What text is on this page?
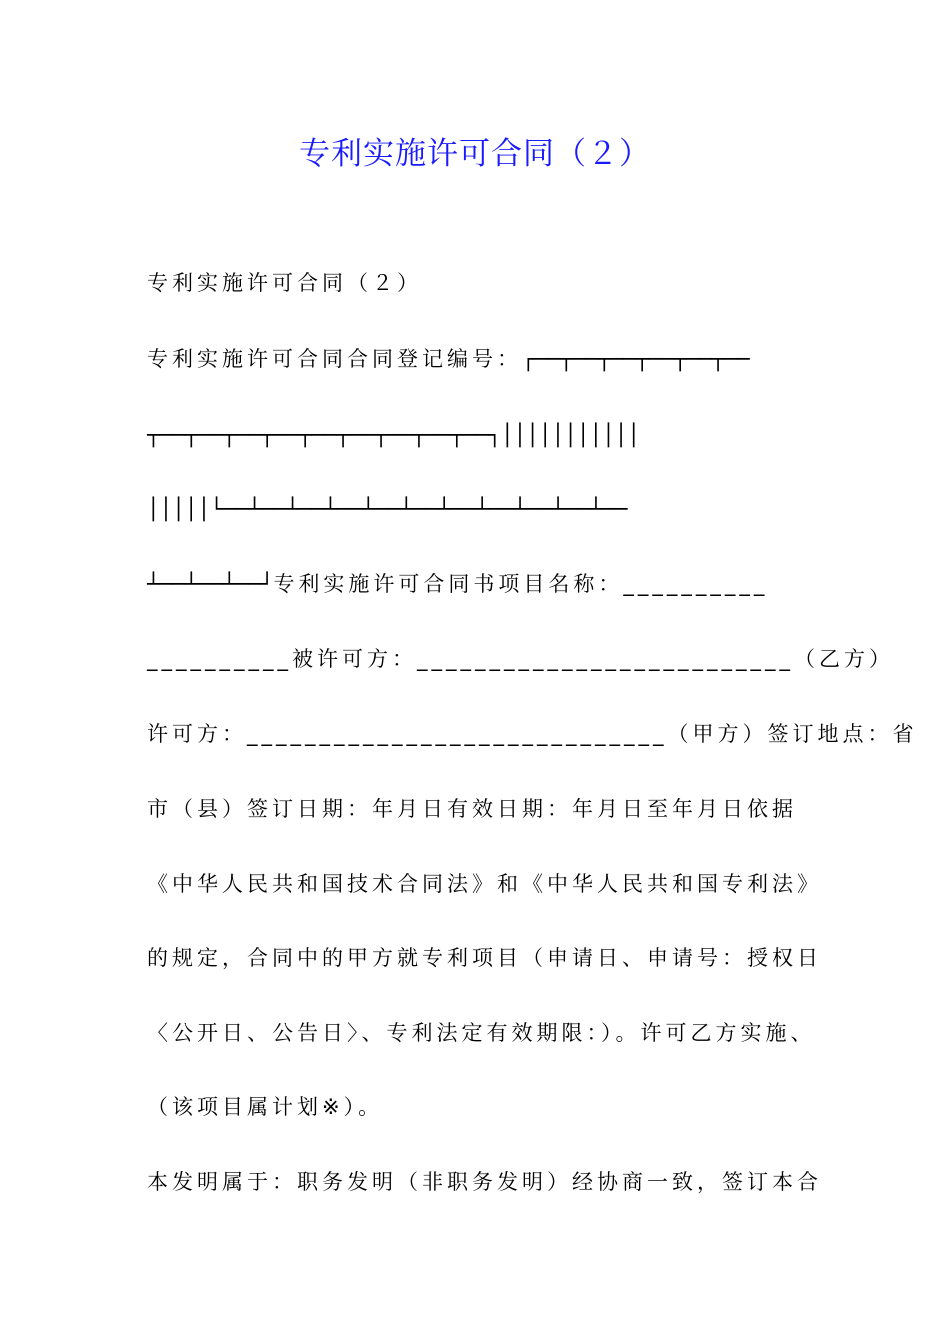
专利实施许可合同（２）
专利实施许可合同（２）
专利实施许可合同合同登记编号：┌──┬──┬──┬──┬──┬──
┬──┬──┬──┬──┬──┬──┬──┬──┬──┐│││││││││││
│││││└──┴──┴──┴──┴──┴──┴──┴──┴──┴──┴──
┴──┴──┴──┘专利实施许可合同书项目名称：__________
__________被许可方：__________________________（乙方）
许可方：_____________________________（甲方）签订地点：省
市（县）签订日期：年月日有效日期：年月日至年月日依据
《中华人民共和国技术合同法》和《中华人民共和国专利法》
的规定，合同中的甲方就专利项目（申请日、申请号：授权日
〈公开日、公告日〉、专利法定有效期限：）。许可乙方实施、
（该项目属计划※）。
本发明属于：职务发明（非职务发明）经协商一致，签订本合
